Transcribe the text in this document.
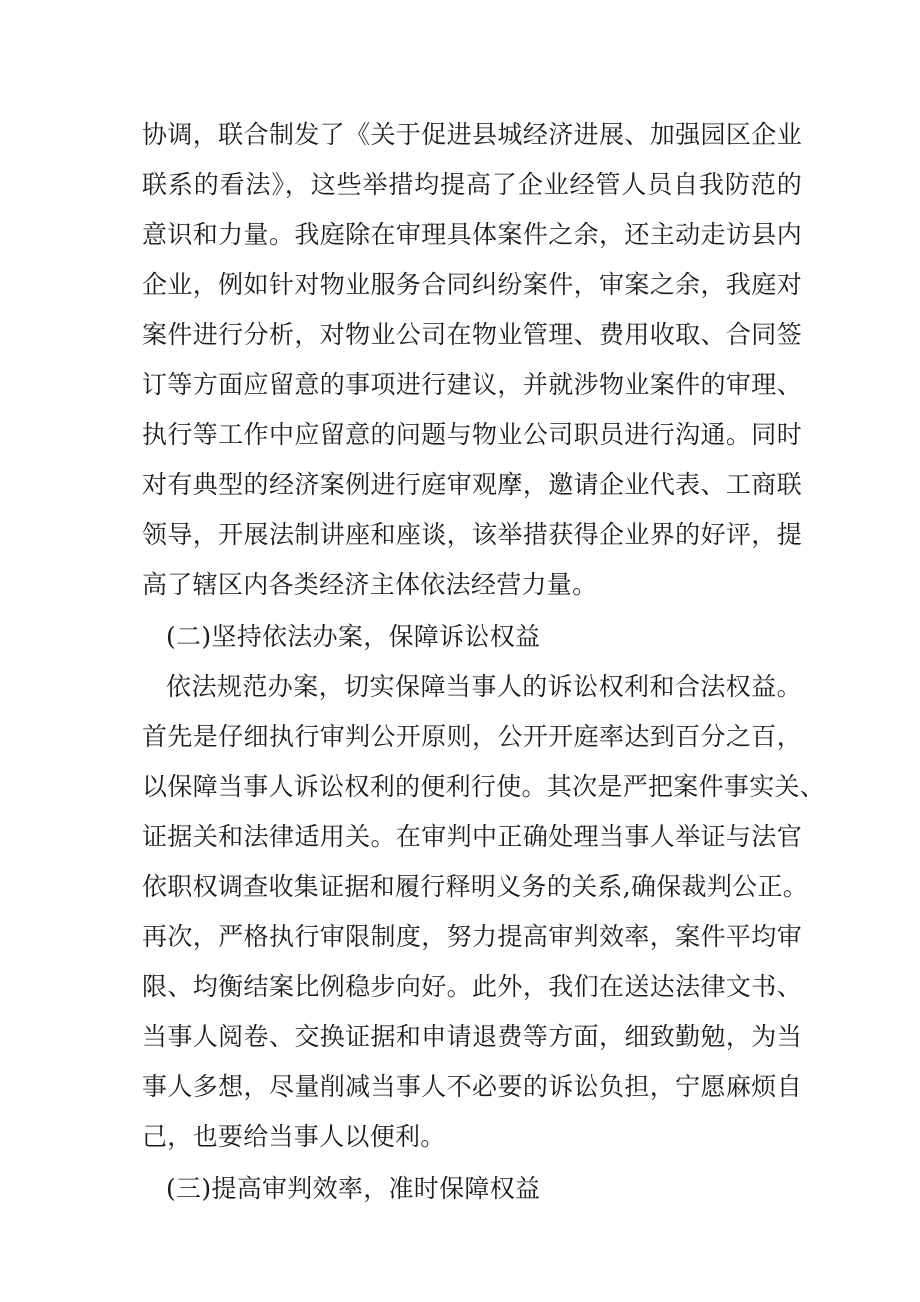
协调，联合制发了《关于促进县城经济进展、加强园区企业
联系的看法》，这些举措均提高了企业经管人员自我防范的
意识和力量。我庭除在审理具体案件之余，还主动走访县内
企业，例如针对物业服务合同纠纷案件，审案之余，我庭对
案件进行分析，对物业公司在物业管理、费用收取、合同签
订等方面应留意的事项进行建议，并就涉物业案件的审理、
执行等工作中应留意的问题与物业公司职员进行沟通。同时
对有典型的经济案例进行庭审观摩，邀请企业代表、工商联
领导，开展法制讲座和座谈，该举措获得企业界的好评，提
高了辖区内各类经济主体依法经营力量。
(二)坚持依法办案，保障诉讼权益
依法规范办案，切实保障当事人的诉讼权利和合法权益。
首先是仔细执行审判公开原则，公开开庭率达到百分之百，
以保障当事人诉讼权利的便利行使。其次是严把案件事实关、
证据关和法律适用关。在审判中正确处理当事人举证与法官
依职权调查收集证据和履行释明义务的关系,确保裁判公正。
再次，严格执行审限制度，努力提高审判效率，案件平均审
限、均衡结案比例稳步向好。此外，我们在送达法律文书、
当事人阅卷、交换证据和申请退费等方面，细致勤勉，为当
事人多想，尽量削减当事人不必要的诉讼负担，宁愿麻烦自
己，也要给当事人以便利。
(三)提高审判效率，准时保障权益
